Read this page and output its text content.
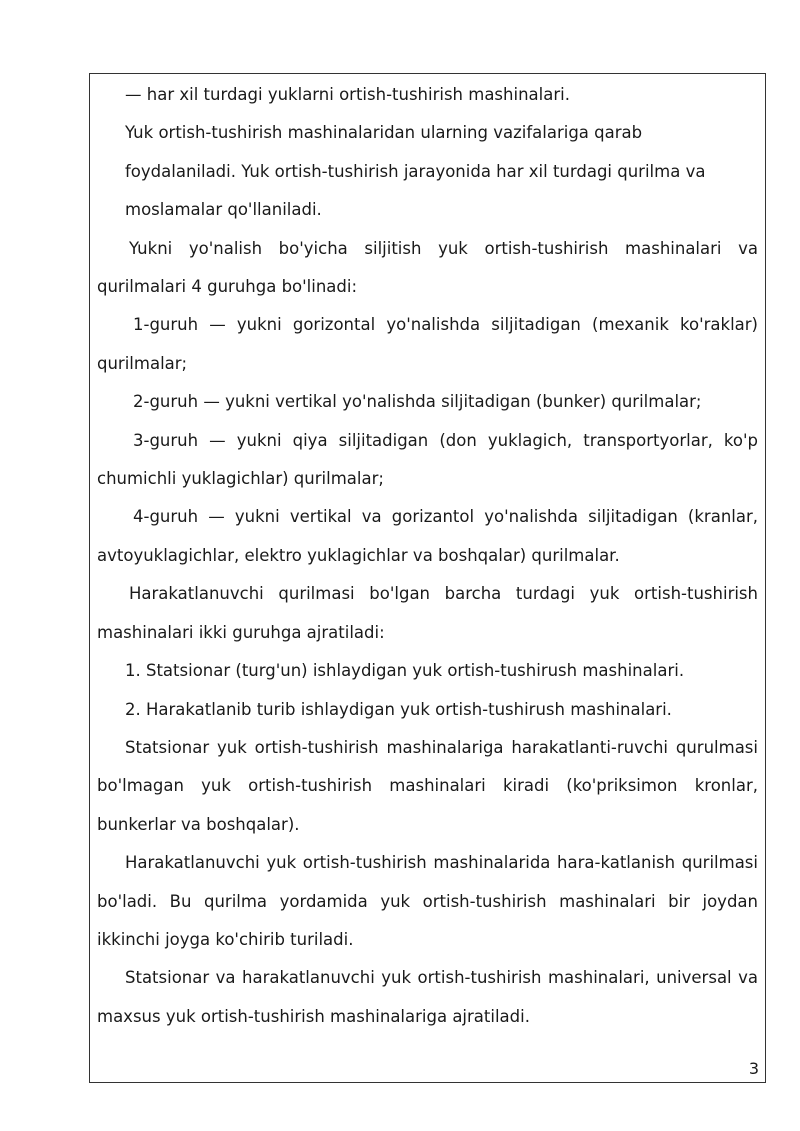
— har xil turdagi yuklarni ortish-tushirish mashinalari.

Yuk ortish-tushirish mashinalaridan ularning vazifalariga qarab

foydalaniladi. Yuk ortish-tushirish jarayonida har xil turdagi qurilma va

moslamalar qo'llaniladi.

Yukni yo'nalish bo'yicha siljitish yuk ortish-tushirish mashinalari va qurilmalari 4 guruhga bo'linadi:

1-guruh — yukni gorizontal yo'nalishda siljitadigan (mexanik ko'raklar) qurilmalar;

2-guruh — yukni vertikal yo'nalishda siljitadigan (bunker) qurilmalar;

3-guruh — yukni qiya siljitadigan (don yuklagich, transportyorlar, ko'p chumichli yuklagichlar) qurilmalar;

4-guruh — yukni vertikal va gorizantol yo'nalishda siljitadigan (kranlar, avtoyuklagichlar, elektro yuklagichlar va boshqalar) qurilmalar.

Harakatlanuvchi qurilmasi bo'lgan barcha turdagi yuk ortish-tushirish mashinalari ikki guruhga ajratiladi:

1. Statsionar (turg'un) ishlaydigan yuk ortish-tushirush mashinalari.

2. Harakatlanib turib ishlaydigan yuk ortish-tushirush mashinalari.

Statsionar yuk ortish-tushirish mashinalariga harakatlanti-ruvchi qurulmasi bo'lmagan yuk ortish-tushirish mashinalari kiradi (ko'priksimon kronlar, bunkerlar va boshqalar).

Harakatlanuvchi yuk ortish-tushirish mashinalarida hara-katlanish qurilmasi bo'ladi. Bu qurilma yordamida yuk ortish-tushirish mashinalari bir joydan ikkinchi joyga ko'chirib turiladi.

Statsionar va harakatlanuvchi yuk ortish-tushirish mashinalari, universal va maxsus yuk ortish-tushirish mashinalariga ajratiladi.

3
